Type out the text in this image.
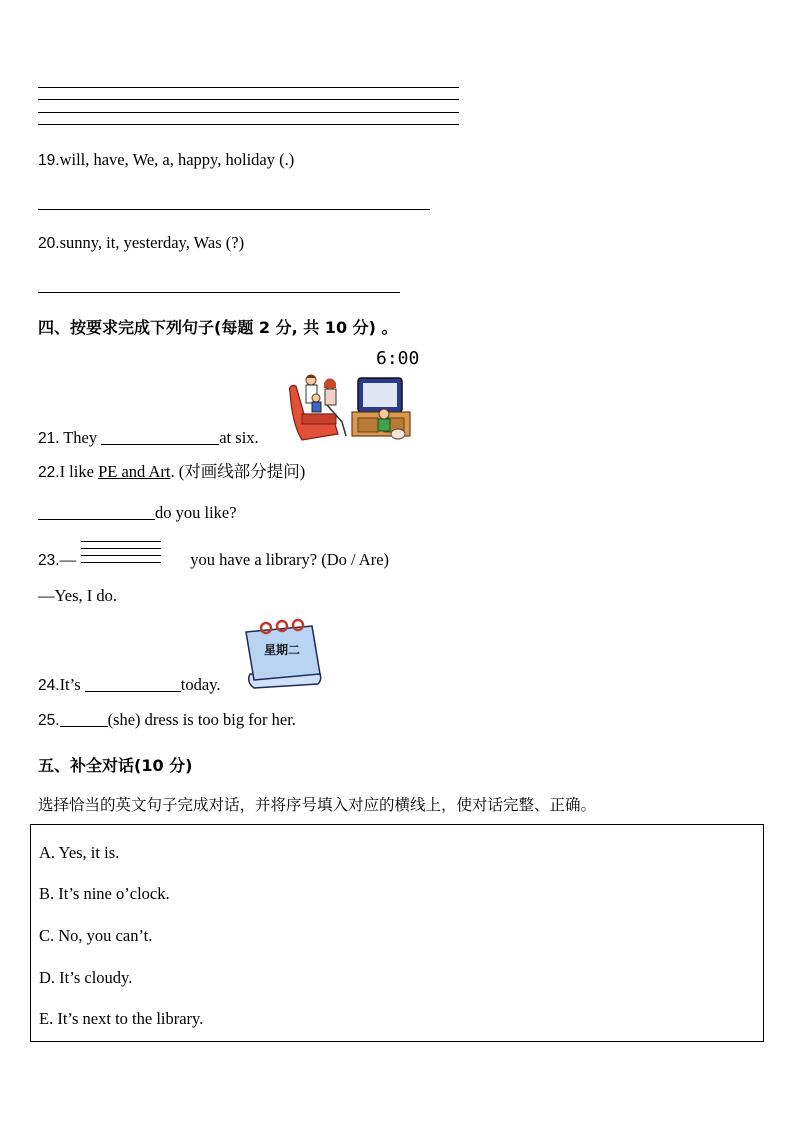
19.will, have, We, a, happy, holiday (.)
20.sunny, it, yesterday, Was (?)
四、按要求完成下列句子(每题 2 分, 共 10 分) 。
6:00
21. They	at six.
22.I like PE and Art. (对画线部分提问)
do you like?
23.—	you have a library? (Do / Are)
—Yes, I do.
星期二
24.It’s	today.
25.	(she) dress is too big for her.
五、补全对话(10 分)
选择恰当的英文句子完成对话，并将序号填入对应的横线上，使对话完整、正确。
A. Yes, it is.
B. It’s nine o’clock.
C. No, you can’t.
D. It’s cloudy.
E. It’s next to the library.
